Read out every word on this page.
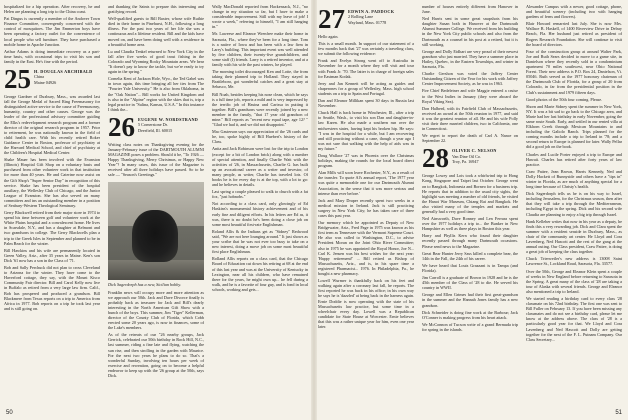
hospitalized for a hip operation. After recovery, he and Helen are planning a long trip to the China coast.

Pat Dingus is currently a member of the Andover Town Finance Committee, convergently concerned with the control of mosquitoes. The Jim Emmerton boys have been operating a factory outlet for the convenience of local people who sell furniture. They have purchased a mobile home in Apache Junction.

Arthur Adams is doing immediate recovery as a part-time basis, with occasional trips to visit his son and family in the East. He's fine with the period.

25 H. DOUGLAS ARCHIBALD
China
Maine 04926

George Gardner of Duxbury, Mass., was awarded last fall the George Medal of Sacred Ring Freemasonry for distinguished active service to the cause of Freemasonry, humanity, country and other causes. George was the leader of the professional advisory committee guiding the Elks's redevelopment research program and a former director of the original research program in 1957. Prior to retirement, he was nationally known in the field of child health care. With his recently retired Roker Guidance Center in Boston, professor of psychiatry at the Harvard Medical School, and chief of psychiatry at the Children's Hospital Medical Center.

Shake Mauer has been involved with the Evanston (Illinois) Hospital Gift Shop on a voluntary basis and purchased from other volunteer work in that institution for more than 40 years. He and Caterine now assist on the Gift Shop's "Super Senior Day" in recognition of this service. Shake has been president of the hospital auxiliary, the Wellesley Club of Chicago, and the Junior League of Evanston. She has also served on many committees and ins an outstanding member in a position of Seabury-Western Theological Seminary.

Gerry Blackwell retired from their major store in 1974 to spend his time between golf and volunteer work at the White Plains hospital and a convalescent home. He lives in Scarsdale, N.Y., and has a daughter at Belmont and two grandsons in college. The Gerry Blackwells plan a trip to the Greek Isles in September and planned to be in Palm Beach for the winter.

Bill Hawkins and his wife are permanently located in Green Valley, Ariz., after 35 years in Maine. Ken's son Dick '61 now has a son in the Class of '71.

Bob and Sally Perchuck did not plan to cross Cleveland to Arizona for the winter. They have come to the Haverford cottage, they say, with the Mount Kisco Community Fair director. Bill and Carol Kelly now live in Buffalo as retired from a very large law firm. Calif., Bob has prospered and produced a grandson. Bill Blackmere from Texas reports on a trip to America from Africa in 1977. Bob reports on a trip he took last year and is still going on.

and thanking the Saints to prepare this interesting and gratifying record.

Well-qualified guests to Bill Baxter, whose wife Ruthie died in their home in Pinehurst, N.H., following a long illness. For the past two years of her life she was a continuous and a lifetime resident. Bill and the kids have moved on, and have been doing well with a residence in a beautiful home area.

Lu and Claudia Tenkel returned to New York City in the fall after five weeks of good trout fishing in the Colorado and Wyoming Rocky Mountain areas. We hear "It doesn't pay to know the tackle, but we're ready to try again in the spring."

Cornelia Kent of Jackson Hole, Wyo., the Ted Gabel was in town again, this time bringing all her ties from The "Fourier Yale University." He is also from Oklahoma, in the "Oak Nation"... Bill works for United Kingdom and is also in the "Alpine" region with the skies that is, trip a legal practice in "Salina, Kansas, U.S.A." In this instance I think the...

26 EUGENE W. NORDSTRAND
5 Cornerstone Dr.
Deerfield, Ill. 60015

Writing class notes on Thanksgiving evening for the January-February issue of the DARTMOUTH ALUMNI MAGAZINE poses a problem. Should it be, "To 1926 — Happy Thanksgiving, Merry Christmas, or Happy New Year"? In many cases, this issue of the Magazine is received after all three holidays have passed. So to be safe — "Season's Greetings."

Dick Sagerdorph has a new, Sicilian hobby.

Franklin news will occupy more and more attention as we approach our 50th. Jack and Dave Divorce finally is probably back as treasurer for Jack and Bill's dearly interesting in the North American Gift Show with a bunch of the boys. This summer, Jim "Tiger" Kellerman, director of the County Club of Florida, which Cobb erected some 20 years ago, is now in finances, some of the Lake's members.

As of the retreats of our "26 nearby groups, Jack Gerrick, celebrated our 50th birthday in Rock Hill, N.C., last summer, riding a fine late and flying, watching the sun rise, and then strolling in the garden with Maurice. For the next two years he plans to do so. That's a wonderful Sunday, involving ten hours per week of exercise and recreation, going on to become a helpful endeavor to keep up with the '26 group at the 50th, says Dick.

Wally MacDonald reported from Hackensack, N.J., "no change in my situation so far, but I have to make a considerable improvement. Still with my leave of job! I wrote a week," referring to himself, "I am still hanging in."

Mr. Laweese and Eleanor Wrenfree make their home in Sarasota, Fla., where they've been for a long time. Tom is a native of Iowa and has been with a law firm in Larry's building. This important event was well attended by five children, their twenty-five grandchildren, and some staff (I) friends. Larry is a retired inventor, and at a family with his wife the past winters, he played.

The morning toilet discouraged Ken and Lotte, the from taking their planned trip to Holland. They stayed in Brattleboro, got wonderful catches and a great stay at Sebasco, Me.

Bill Noah, besides keeping his nose clean, which he says is a full time job, reports a mild and is very impressed by the terrific job of Hasina and Carissa in putting it together. Bill's grandsons were recently joined by a new member in the family, "that 17 year old grandson of mine." Bill reports as "recent new equal tape, age 12? " "Glad we had it, and we did not disappoint."

Mac Gasterson says our appreciation of the '26 cards and he, too, spoke highly of Bill Huebert's history of the Class.

Anita and Jack Robinson were lost for the trip to London (except for a bit of London brick) along with a number of special attention, and finally Charlie Watt with the activities of '26, in Massachusetts, Charlie G. has built up an avocational career as a writer and investor, of many people, as writer, Charlie has traveled lots. Of books he is for every day is at the top, with a lot to go: and he believes in details.

Last spring a couple pleased to walk to church with a fat fox, "just hobnobs."

Not according to a class card, only glowingly of Ed Haskins's monumental history achievement and of his early fine and diligent efforts. In his letters are Ed as, it was, there is no doubt he's been doing a close job on some most beautiful first-rate Englishman.

Roland Allis & the Indians get as "Sidney" Redwood said, "We are not here lounging around." It just shows as your scribe that he was not ever too busy to take on a new interest, doing a move job on some most beautiful first place Englishman.

Rolland Allis reports on a class card, that the Chicago Board of Education cut down his retiring at 68 at the end of this last year and was at the University of Kentucky in Lexington, near all his children, who have remained there for the years, he might own up... he fell during a walk, and he is a favorite of four guy, and is fond in local schools, working and gets...

50
27 EDWIN A. PADDOCK
2 Rolling Lane
Wayland, Mass. 01778

Hello again.

This is a small month. In support of our statement of a few months back that '27 was certainly a traveling class, we submit the following evidence:

Frank and Evelyn Strong went off to Australia in November for a month where they will visit and tour with Frank Jr. '70. The latter is in charge of foreign sales for Eastman Kodak.

Jerry and Jan Kennett will be acting as guides and chaperones for a group of Wellesley, Mass. high school students on a trip to Spain and Portugal.

Dan and Eleanor Millikan spent 30 days in Russia last November.

Chuck Hall is back home in Winchester, Ill., after a trip to Seattle, Wash., to visit his son Dan and daughter-in-law Karen. He also made a southern run over the midwestern states, having kept his broken hip. He says: "I was in the hospital for a while, but I am recovering and still practicing without a cane, though a year ago I was not sure that walking with the help of aids was in my future."

Doug Wallace '27 was in Phoenix over the Christmas holidays, making the rounds for the local board direct program.

Alan Mills will soon leave Rochester, N.Y., as a result of the transfer. To quote Al's annual report, 'The 1977 year was quite a memorable one for our Dartmouth Alumni Association, in the sense that it was more serious and intense than ever before.'

Jack and Mary Draper recently spent two weeks in a medical mission in Ireland. Jack is still practicing surgery in New York City; he has taken care of three cases this past year.

Our memory which he appointed as Deputy of New Bridgewater, Ariz., Fred Page in 1975 was known as his first term as Tennessee with the Vermont Supreme Court. He also was called to Washington, D.C., to advise President Moran on the Joint Ohio River Committee; also in 1975 he was appointed the Royal Honor, Joe N... Carl K. Jensen was his best wishes for the next year: 'Happy retirement!' ... Bill retired as Bishop of Massachusetts, Ariz., and is, in his spare time a registered Pharmacist... 1976. In Philadelphia, Pa., he bought a new pharmacy.

Lowell Wurmer is thankfully back on his feet and walking again after a coronary last fall, he reports. The first reported he was back in his office; in his own way he says he is 'dazzled' at being back in the harness again. Ernie Doddie is now operating with the state of his Massachusetts law practice, but some time in a wheelchair every day. Lowell was a Republican candidate for State House at Worcester. Ernie believes that this was a rather unique year for him, even one year later.

number of houses entirely different from Hanover in June.

Ned Harris sent in some great snapshots from his daughter Susan both in Hanover at the Dartmouth Alumni Summer College. We received from his building in the New York City public schools and also from the Dartmouth as a counsel in his post at a retired, but it is still working.

George and Dolly Eidhart are very proud of their newest grandson who just married. They have a summer place in Hatley, Quebec, in the Eastern Townships, and winter in Sarasota, Fla.

Charlie Gershon was voted the Jaffrey Center Outstanding Citizen of the Year for his work with Jaffrey Center Improvement Society, as he was in 1963.

Fire Chief Bedeleiner and wife Maggie entered a cruise to the West Indies in January (they were aboard the Royal Viking Sea).

Don Halberd, with its Fairfield Club of Massachusetts, received an award at the 50th reunion in 1977, and said it was the greatest reunion of all. He and his wife Polly visit their three married children, two in California, one in Connecticut.

We regret to report the death of Carl A. Nance on September 22.

28 OLIVER C. NELSON
Van Dine Oil Co.
Troy, Pa. 16947

George Lowey and Lois took a whirlwind trip to Hong Kong, Singapore and Taipei last October. George went on to Bangkok, Indonesia and Borneo for a business trip. He reports that in addition to the usual city sights, the highlight was meeting a number of old friends, he visited the Hanoi War Museum, Chiang Rai and Bangkok. He also visited many of the temples and markets and generally had a very good time.

Ned Ainsworth, Dave Ronney and Len Ferrara spent over the 1977 holidays a trip to... the Bunker in New Hampshire as well as three plays in Boston this year.

Harry and Phyllis Kern who found their daughter recently passed through many Dartmouth occasions. Please send news to the Magazine.

Great Bear Hunter Jerry Sass killed a complete bear, the 14th in the Fall, the 24th of his career.

We have heard that Louis Grazzani is in Tampa (and Florida).

Jim Carroll is a graduate of Brown in 1928 and he is the 45th member of the Class of '28 to die. He served his country in WWII.

George and Ellen Grimes had their first great-grandson in the summer and the Hannah Jones family has a new grandson.

Dick Schneider is doing fine work at the Barbour; Jack O'Conner is making progress from his heart attack.

We McConnon of Tucson write of a grand Bermuda trip for spring in the islands.

Alexander Campus with a newer, good cottage, phone, and beautiful scenery (including two with hanging gardens of ferns and flowers).

Blair Howard remarried last July. She is now Mrs. Wallace B. Haskell, of 1400 Riverview Drive in Delray Beach, Fla. Her husband just retired as president of Rogers Research Foundation. She will continue to visit the board of directors.

Four of the construction group at around Walter Park, Joe and Ruth Sears decided to move to a game site, in Danielson where they recently sold in a condominium apartment 70 miles southwest, near Ohio National Forest. Their new address is P.O. Box 24, Danielson, Vt. 05046. Ruth served as the 1977 honorary chairman of the Dartmouth Club of Florida, for a group of 20 from Colorado, in far from the presidential position in the Club's sustainment and 1979 fifteen days.

Good photos of the 50th four coming. Please.

Shorn and Marie Sidney spent the summer in New York, NY. It was a bit sad to go back to the Chicago area, and Marie had her last birthday in early November, going the same route South. Early, and settled in our rented villa at Elkhorn Creek through Mexican Mountains to and including the Galiolo Ranch. Trips planned for the coming months include a trip to Ireland in '78; and a second return to Europe is planned for later. Wally Pellar did a good job on the book.

Charles and Lucile Porter enjoyed a trip to Europe and Hawaii. Charles has retired after forty years of law practice.

Craw Pattee, Jean Brown, Harris Kennedy, Ned and Dolly Hackett of Bunnyside and others have a "tips in" winter in Florida, as are much of anything special for a long time because of Christy's health.

Dick Sagerdorph tells us he is on his way to Israel, including Jerusalem, for the Christmas season, then after that they will take a trip through the Mediterranean, including Egypt in the spring. Dick and his second wife Claudia are planning to enjoy a big trip through Israel.

Hank Kelleher writes that now in his year as a deputy, he finds this a very rewarding job. Dick and Clara spent the summer with a resident seaside in Duxbury, Mass., as chair of the community art center. He Lloyd and Cora Lavenberg, Ned Hascott and the rest of the gang at the annual outing. Our Class president, Craw Pattee, is doing a great job of keeping the class together.

Chuck Trierweiler's new address is 13008 Saint Lawrence St., Lockland Road, Sarasota, Fla. 33577.

Over the 50th, George and Eleanor Klein spent a couple of weeks in New England before returning to Sarasota in the Spring. A great many of the class of '28 are taking a tour of Alaska with several friends. George and Eleanor also mentioned a trip to Ireland.

We started reading a birthday card to every class '28 classmate on his 72nd birthday. The first one was sent to Bill Fuller on February 13. If you have been missing any classmates and do not see a birthday card, please let me know at the address above. The class of '28 is a particularly good year for that. We Lloyd and Cora Lavenberg and Ned Hascott and Dolly are getting together for the next of the F. L. Putnam Company. Our Class Secretary...

51
